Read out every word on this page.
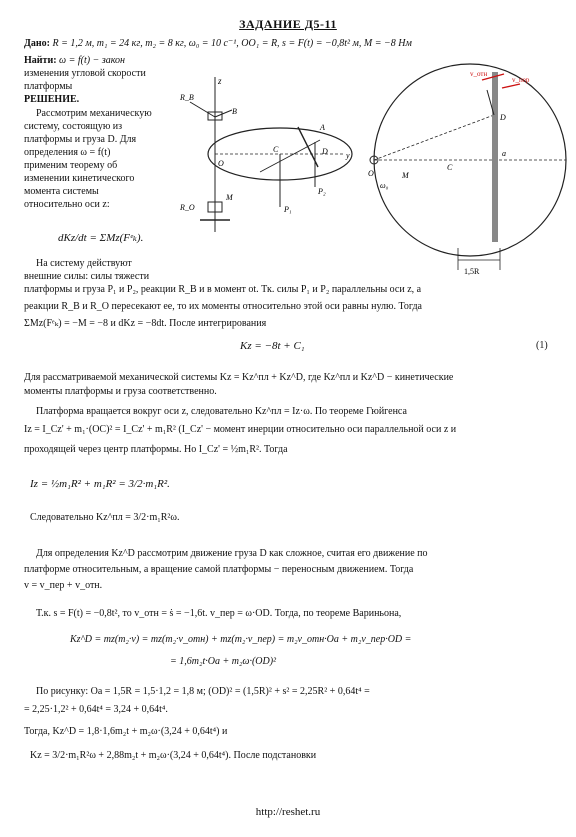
ЗАДАНИЕ Д5-11
Дано: R = 1,2 м, m₁ = 24 кг, m₂ = 8 кг, ω₀ = 10 c⁻¹, OO₁ = R, s = F(t) = −0,8t² м, M = −8 Нм
Найти: ω = f(t) − закон
изменения угловой скорости
платформы
РЕШЕНИЕ.
Рассмотрим механическую
систему, состоящую из
платформы и груза D. Для
определения ω = f(t)
применим теорему об
изменении кинетического
момента системы
относительно оси z:
dKz/dt = ΣMz(Fᵉₖ).
На систему действуют
внешние силы: силы тяжести
платформы и груза P₁ и P₂, реакции R_B и в момент ot. Тк. силы P₁ и P₂ параллельны оси z, а
реакции R_B и R_O пересекают ее, то их моменты относительно этой оси равны нулю. Тогда
ΣMz(Fᵉₖ) = −M = −8 и dKz = −8dt. После интегрирования
Kz = −8t + C₁	(1)
Для рассматриваемой механической системы Kz = Kz^пл + Kz^D, где Kz^пл и Kz^D − кинетические
моменты платформы и груза соответственно.
Платформа вращается вокруг оси z, следовательно Kz^пл = Iz·ω. По теореме Гюйгенса
Iz = I_Cz' + m₁·(OC)² = I_Cz' + m₁R² (I_Cz' − момент инерции относительно оси параллельной оси z и
проходящей через центр платформы. Но I_Cz' = ½m₁R². Тогда
Iz = ½m₁R² + m₁R² = 3/2·m₁R².
Следовательно Kz^пл = 3/2·m₁R²ω.
Для определения Kz^D рассмотрим движение груза D как сложное, считая его движение по
платформе относительным, а вращение самой платформы − переносным движением. Тогда
v = v_пер + v_отн.
Т.к. s = F(t) = −0,8t², то v_отн = ṡ = −1,6t. v_пер = ω·OD. Тогда, по теореме Вариньона,
Kz^D = mz(m₂·v) = mz(m₂·v_отн) + mz(m₂·v_пер) = m₂v_отн·Oa + m₂v_пер·OD =
= 1,6m₂t·Oa + m₂ω·(OD)²
По рисунку: Oa = 1,5R = 1,5·1,2 = 1,8 м; (OD)² = (1,5R)² + s² = 2,25R² + 0,64t⁴ =
= 2,25·1,2² + 0,64t⁴ = 3,24 + 0,64t⁴.
Тогда, Kz^D = 1,8·1,6m₂t + m₂ω·(3,24 + 0,64t⁴) и
Kz = 3/2·m₁R²ω + 2,88m₂t + m₂ω·(3,24 + 0,64t⁴). После подстановки
http://reshet.ru
z
R_B
B
C
O
A
D
P₂
P₁
M
R_O
y
v_отн
v_пер
D
a
C
O
ω₀
M
1,5R
